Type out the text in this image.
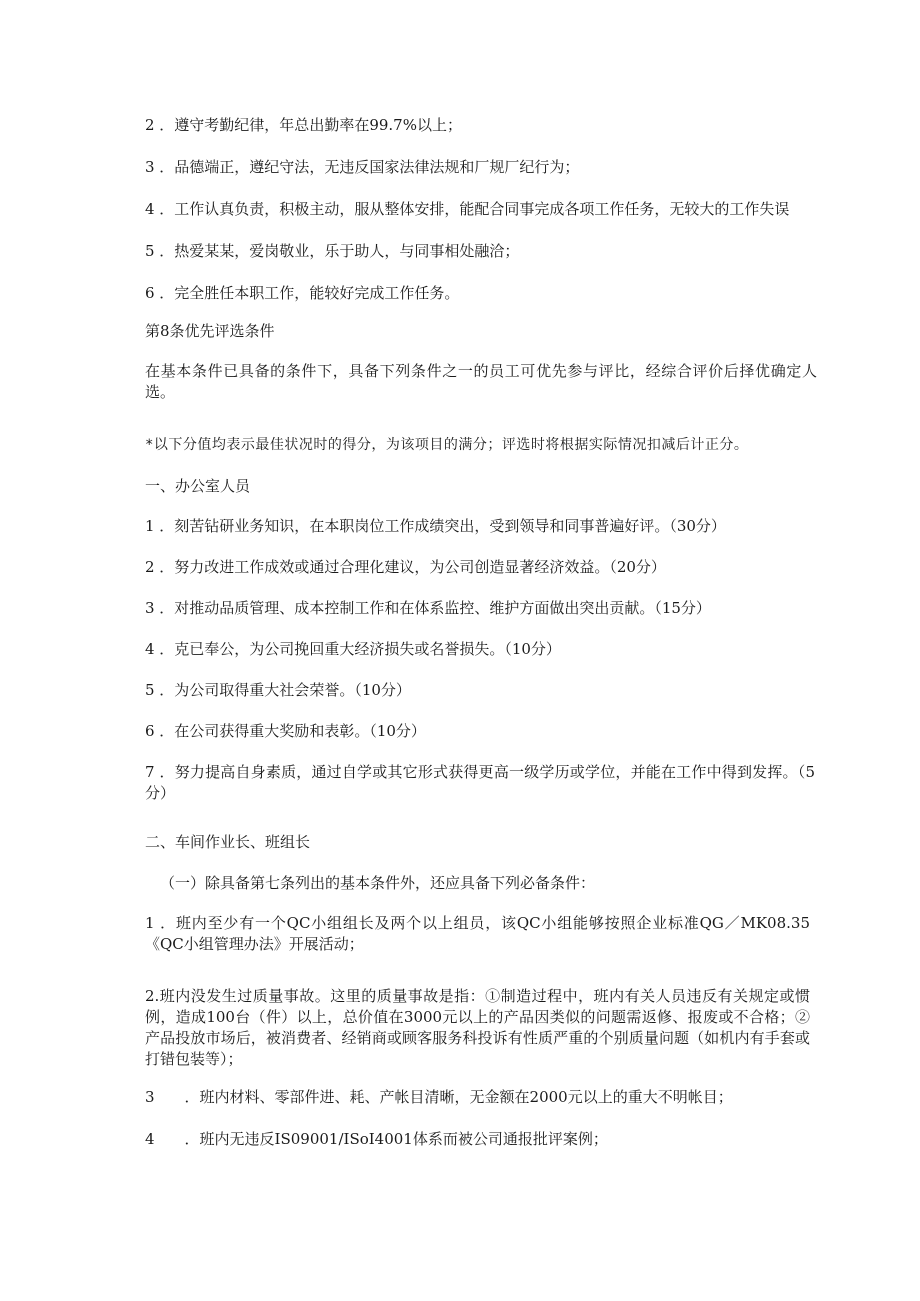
2 ．遵守考勤纪律，年总出勤率在99.7%以上；
3 ．品德端正，遵纪守法，无违反国家法律法规和厂规厂纪行为；
4 ．工作认真负责，积极主动，服从整体安排，能配合同事完成各项工作任务，无较大的工作失误
5 ．热爱某某，爱岗敬业，乐于助人，与同事相处融洽；
6 ．完全胜任本职工作，能较好完成工作任务。
第8条优先评选条件
在基本条件已具备的条件下，具备下列条件之一的员工可优先参与评比，经综合评价后择优确定人选。
*以下分值均表示最佳状况时的得分，为该项目的满分；评选时将根据实际情况扣减后计正分。
一、办公室人员
1 ．刻苦钻研业务知识，在本职岗位工作成绩突出，受到领导和同事普遍好评。（30分）
2 ．努力改进工作成效或通过合理化建议，为公司创造显著经济效益。（20分）
3 ．对推动品质管理、成本控制工作和在体系监控、维护方面做出突出贡献。（15分）
4 ．克已奉公，为公司挽回重大经济损失或名誉损失。（10分）
5 ．为公司取得重大社会荣誉。（10分）
6 ．在公司获得重大奖励和表彰。（10分）
7 ．努力提高自身素质，通过自学或其它形式获得更高一级学历或学位，并能在工作中得到发挥。（5分）
二、车间作业长、班组长
（一）除具备第七条列出的基本条件外，还应具备下列必备条件：
1 ．班内至少有一个QC小组组长及两个以上组员，该QC小组能够按照企业标准QG／MK08.35《QC小组管理办法》开展活动；
2.班内没发生过质量事故。这里的质量事故是指：①制造过程中，班内有关人员违反有关规定或惯例，造成100台（件）以上，总价值在3000元以上的产品因类似的问题需返修、报废或不合格；②产品投放市场后，被消费者、经销商或顾客服务科投诉有性质严重的个别质量问题（如机内有手套或打错包装等）；
3　　．班内材料、零部件进、耗、产帐目清晰，无金额在2000元以上的重大不明帐目；
4　　．班内无违反IS09001/ISoI4001体系而被公司通报批评案例；
